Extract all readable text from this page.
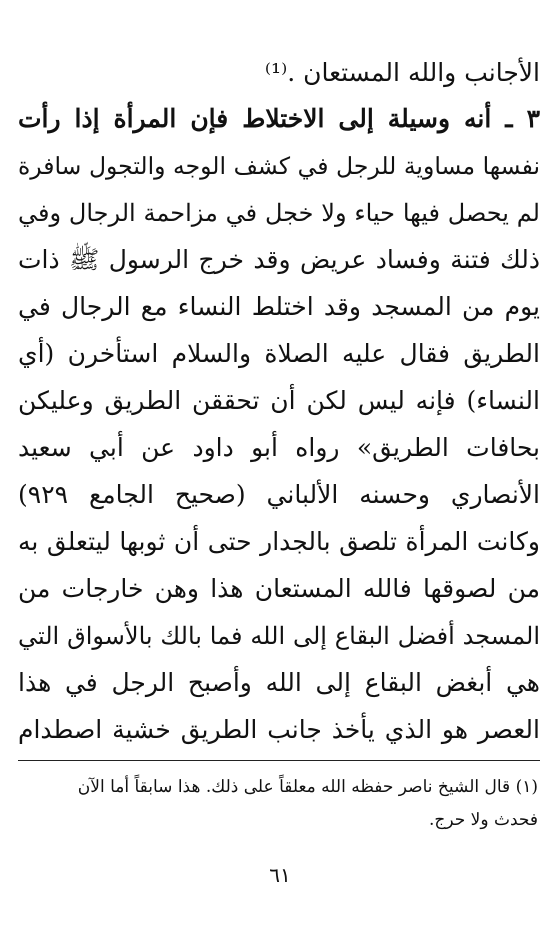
الأجانب والله المستعان .⁽¹⁾
٣ ـ أنه وسيلة إلى الاختلاط فإن المرأة إذا رأت
نفسها مساوية للرجل في كشف الوجه والتجول سافرة
لم يحصل فيها حياء ولا خجل في مزاحمة الرجال وفي
ذلك فتنة وفساد عريض وقد خرج الرسول ﷺ ذات
يوم من المسجد وقد اختلط النساء مع الرجال في
الطريق فقال عليه الصلاة والسلام استأخرن (أي
النساء) فإنه ليس لكن أن تحققن الطريق وعليكن
بحافات الطريق» رواه أبو داود عن أبي سعيد
الأنصاري وحسنه الألباني (صحيح الجامع ٩٢٩)
وكانت المرأة تلصق بالجدار حتى أن ثوبها ليتعلق به
من لصوقها فالله المستعان هذا وهن خارجات من
المسجد أفضل البقاع إلى الله فما بالك بالأسواق التي
هي أبغض البقاع إلى الله وأصبح الرجل في هذا
العصر هو الذي يأخذ جانب الطريق خشية اصطدام
(١) قال الشيخ ناصر حفظه الله معلقاً على ذلك. هذا سابقاً أما الآن
فحدث ولا حرج.
٦١
